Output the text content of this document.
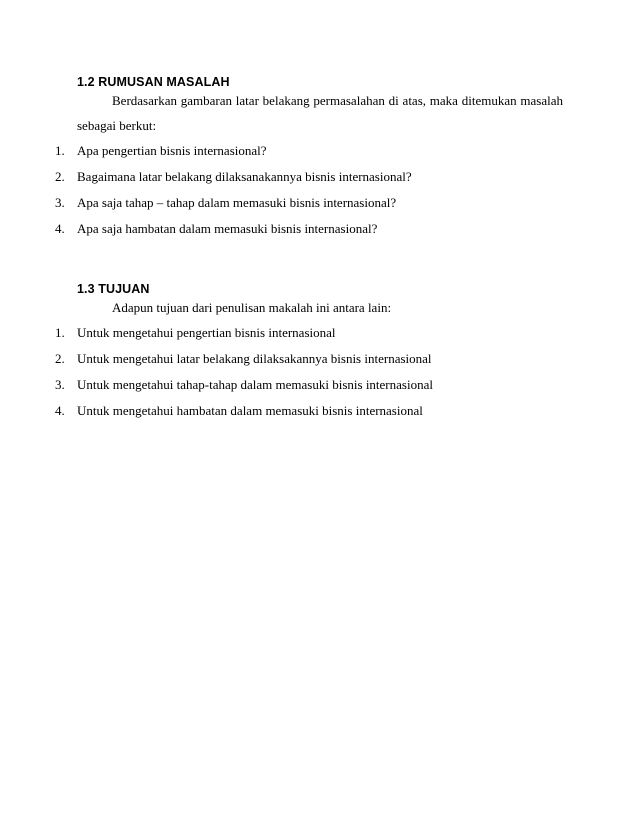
1.2 RUMUSAN MASALAH
Berdasarkan gambaran latar belakang permasalahan di atas, maka ditemukan masalah
sebagai berkut:
1. Apa pengertian bisnis internasional?
2. Bagaimana latar belakang dilaksanakannya bisnis internasional?
3. Apa saja tahap – tahap dalam memasuki bisnis internasional?
4. Apa saja hambatan dalam memasuki bisnis internasional?
1.3 TUJUAN
Adapun tujuan dari penulisan makalah ini antara lain:
1. Untuk mengetahui pengertian bisnis internasional
2. Untuk mengetahui latar belakang dilaksakannya bisnis internasional
3. Untuk mengetahui tahap-tahap dalam memasuki bisnis internasional
4. Untuk mengetahui hambatan dalam memasuki bisnis internasional
